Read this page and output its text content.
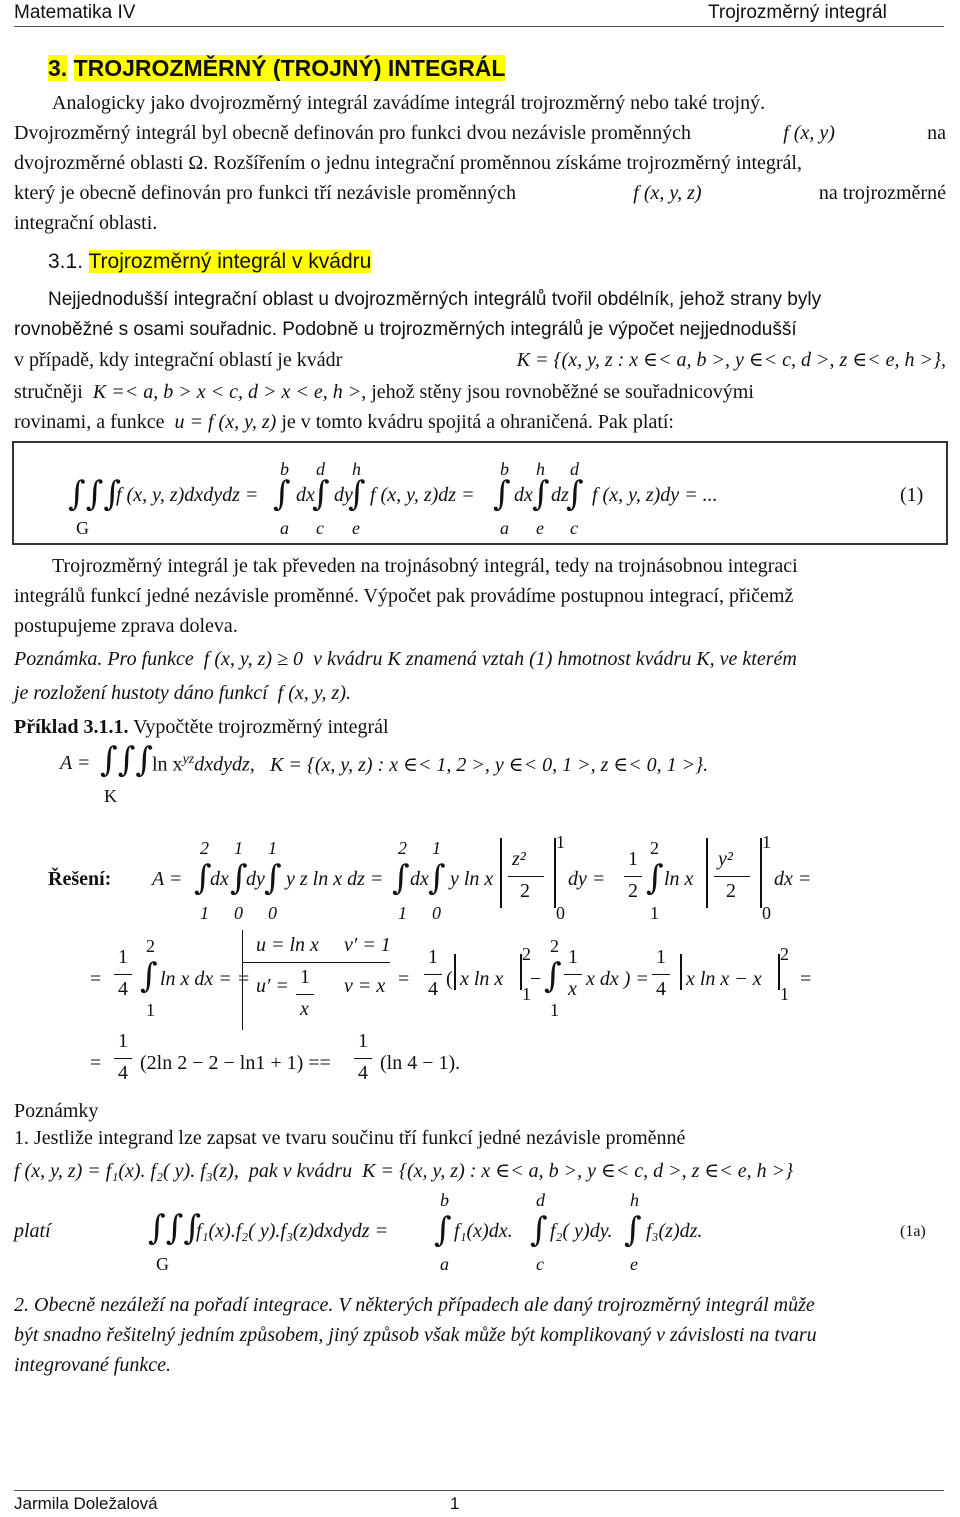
Matematika IV	Trojrozměrný integrál
3. TROJROZMĚRNÝ (TROJNÝ) INTEGRÁL
Analogicky jako dvojrozměrný integrál zavádíme integrál trojrozměrný nebo také trojný.
Dvojrozměrný integrál byl obecně definován pro funkci dvou nezávisle proměnných	f (x, y)	na
dvojrozměrné oblasti Ω. Rozšířením o jednu integrační proměnnou získáme trojrozměrný integrál,
který je obecně definován pro funkci tří nezávisle proměnných	f (x, y, z)	na trojrozměrné
integrační oblasti.
3.1. Trojrozměrný integrál v kvádru
Nejjednodušší integrační oblast u dvojrozměrných integrálů tvořil obdélník, jehož strany byly
rovnoběžné s osami souřadnic. Podobně u trojrozměrných integrálů je výpočet nejjednodušší
v případě, kdy integrační oblastí je kvádr	K = {(x, y, z : x ∈< a, b >, y ∈< c, d >, z ∈< e, h >},
stručněji K =< a, b > x < c, d > x < e, h >, jehož stěny jsou rovnoběžné se souřadnicovými
rovinami, a funkce u = f (x, y, z) je v tomto kvádru spojitá a ohraničená. Pak platí:
∫∫∫
G
f (x, y, z)dxdydz =
b
∫
a
dx
d
∫
c
dy
h
∫
e
f (x, y, z)dz =
b
∫
a
dx
h
∫
e
dz
d
∫
c
f (x, y, z)dy = ...	(1)
Trojrozměrný integrál je tak převeden na trojnásobný integrál, tedy na trojnásobnou integraci
integrálů funkcí jedné nezávisle proměnné. Výpočet pak provádíme postupnou integrací, přičemž
postupujeme zprava doleva.
Poznámka. Pro funkce f (x, y, z) ≥ 0 v kvádru K znamená vztah (1) hmotnost kvádru K, ve kterém
je rozložení hustoty dáno funkcí f (x, y, z).
Příklad 3.1.1. Vypočtěte trojrozměrný integrál
A = ∫∫∫
K
$\ln x^{yz}dxdydz$, K = {(x, y, z) : x ∈< 1, 2 >, y ∈< 0, 1 >, z ∈< 0, 1 >}.
Řešení: A =
2
∫
1
dx
1
∫
0
dy
1
∫
0
y z ln x dz =
2
∫
1
dx
1
∫
0
y ln x
z²
2
1
0
dy =
1
2
2
∫
1
ln x
y²
2
1
0
dx =
=
1
4
2
∫
1
ln x dx = =
u = ln x v′ = 1
u′ = 1
x
v = x =
1
4 ( x ln x
2
1
−
2
∫
1
1
x x dx ) =
1
4 x ln x − x
2
1
=
=
1
4 (2ln 2 − 2 − ln1 + 1) ==
1
4 (ln 4 − 1).
Poznámky
1. Jestliže integrand lze zapsat ve tvaru součinu tří funkcí jedné nezávisle proměnné
f (x, y, z) = f₁(x). f₂( y). f₃(z), pak v kvádru K = {(x, y, z) : x ∈< a, b >, y ∈< c, d >, z ∈< e, h >}
platí	∫∫∫
G
f₁(x).f₂( y).f₃(z)dxdydz =
b
∫
a
f₁(x)dx.
d
∫
c
f₂( y)dy.
h
∫
e
f₃(z)dz.	(1a)
2. Obecně nezáleží na pořadí integrace. V některých případech ale daný trojrozměrný integrál může
být snadno řešitelný jedním způsobem, jiný způsob však může být komplikovaný v závislosti na tvaru
integrované funkce.
Jarmila Doležalová	1
